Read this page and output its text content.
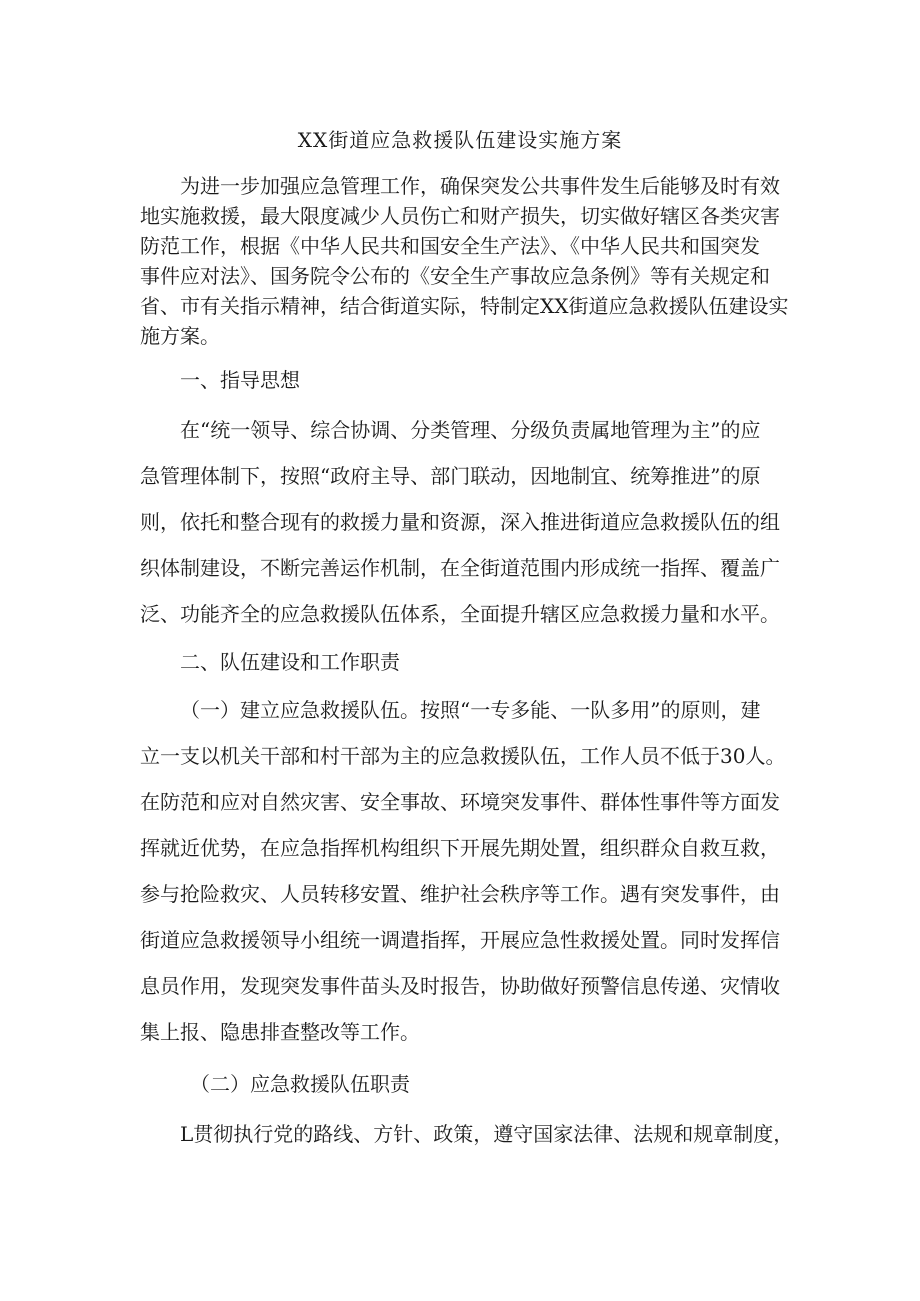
XX街道应急救援队伍建设实施方案
为进一步加强应急管理工作，确保突发公共事件发生后能够及时有效
地实施救援，最大限度减少人员伤亡和财产损失，切实做好辖区各类灾害
防范工作，根据《中华人民共和国安全生产法》、《中华人民共和国突发
事件应对法》、国务院令公布的《安全生产事故应急条例》等有关规定和
省、市有关指示精神，结合街道实际，特制定XX街道应急救援队伍建设实
施方案。
一、指导思想
在“统一领导、综合协调、分类管理、分级负责属地管理为主”的应
急管理体制下，按照“政府主导、部门联动，因地制宜、统筹推进”的原
则，依托和整合现有的救援力量和资源，深入推进街道应急救援队伍的组
织体制建设，不断完善运作机制，在全街道范围内形成统一指挥、覆盖广
泛、功能齐全的应急救援队伍体系，全面提升辖区应急救援力量和水平。
二、队伍建设和工作职责
（一）建立应急救援队伍。按照“一专多能、一队多用”的原则，建
立一支以机关干部和村干部为主的应急救援队伍，工作人员不低于30人。
在防范和应对自然灾害、安全事故、环境突发事件、群体性事件等方面发
挥就近优势，在应急指挥机构组织下开展先期处置，组织群众自救互救，
参与抢险救灾、人员转移安置、维护社会秩序等工作。遇有突发事件，由
街道应急救援领导小组统一调遣指挥，开展应急性救援处置。同时发挥信
息员作用，发现突发事件苗头及时报告，协助做好预警信息传递、灾情收
集上报、隐患排查整改等工作。
（二）应急救援队伍职责
L贯彻执行党的路线、方针、政策，遵守国家法律、法规和规章制度，
